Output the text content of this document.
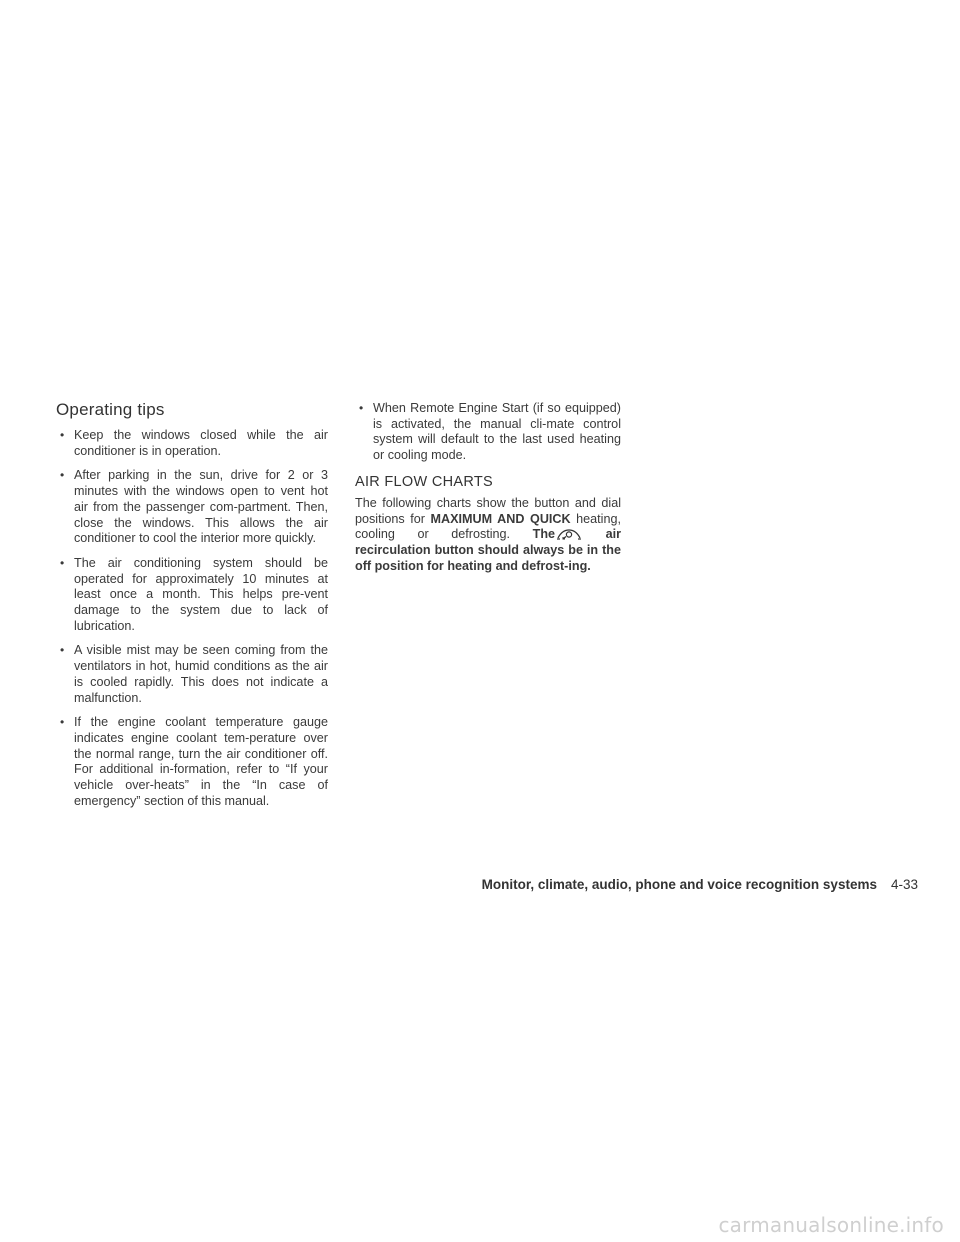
Operating tips
• Keep the windows closed while the air conditioner is in operation.
• After parking in the sun, drive for 2 or 3 minutes with the windows open to vent hot air from the passenger com-partment. Then, close the windows. This allows the air conditioner to cool the interior more quickly.
• The air conditioning system should be operated for approximately 10 minutes at least once a month. This helps pre-vent damage to the system due to lack of lubrication.
• A visible mist may be seen coming from the ventilators in hot, humid conditions as the air is cooled rapidly. This does not indicate a malfunction.
• If the engine coolant temperature gauge indicates engine coolant tem-perature over the normal range, turn the air conditioner off. For additional in-formation, refer to “If your vehicle over-heats” in the “In case of emergency” section of this manual.
• When Remote Engine Start (if so equipped) is activated, the manual cli-mate control system will default to the last used heating or cooling mode.
AIR FLOW CHARTS

The following charts show the button and dial positions for MAXIMUM AND QUICK heating, cooling or defrosting. The	air recirculation button should always be in the off position for heating and defrost-ing.

Monitor, climate, audio, phone and voice recognition systems 4-33
carmanualsonline.info
